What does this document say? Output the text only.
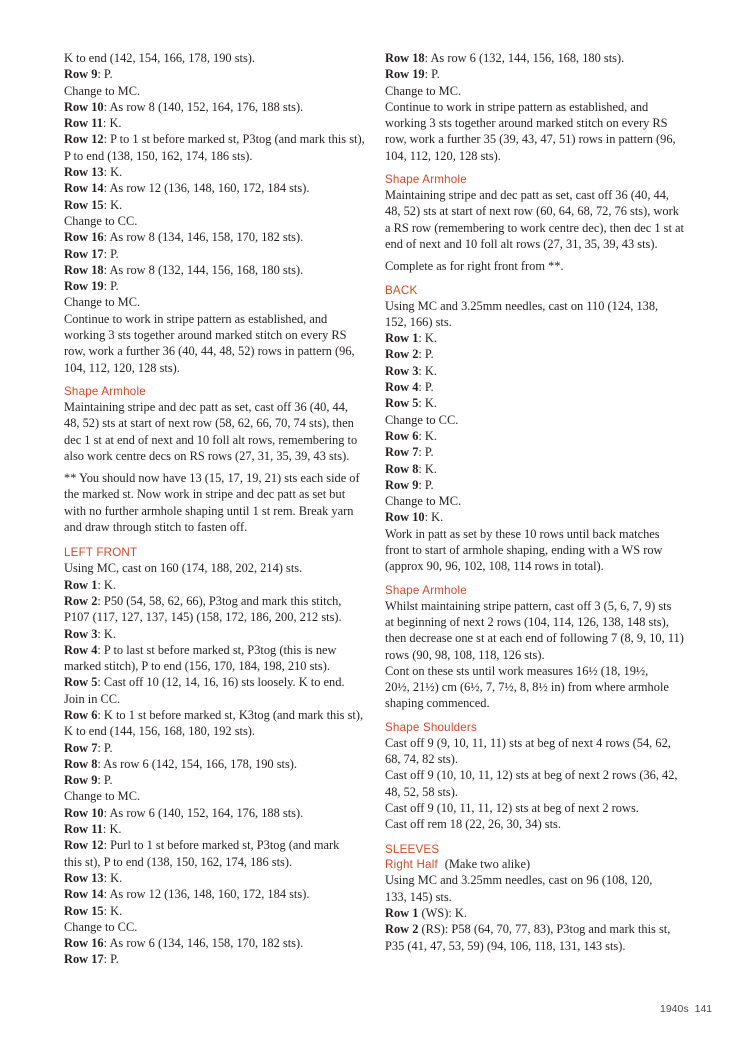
K to end (142, 154, 166, 178, 190 sts).
Row 9: P.
Change to MC.
Row 10: As row 8 (140, 152, 164, 176, 188 sts).
Row 11: K.
Row 12: P to 1 st before marked st, P3tog (and mark this st),
P to end (138, 150, 162, 174, 186 sts).
Row 13: K.
Row 14: As row 12 (136, 148, 160, 172, 184 sts).
Row 15: K.
Change to CC.
Row 16: As row 8 (134, 146, 158, 170, 182 sts).
Row 17: P.
Row 18: As row 8 (132, 144, 156, 168, 180 sts).
Row 19: P.
Change to MC.
Continue to work in stripe pattern as established, and
working 3 sts together around marked stitch on every RS
row, work a further 36 (40, 44, 48, 52) rows in pattern (96,
104, 112, 120, 128 sts).
Shape Armhole
Maintaining stripe and dec patt as set, cast off 36 (40, 44,
48, 52) sts at start of next row (58, 62, 66, 70, 74 sts), then
dec 1 st at end of next and 10 foll alt rows, remembering to
also work centre decs on RS rows (27, 31, 35, 39, 43 sts).
** You should now have 13 (15, 17, 19, 21) sts each side of
the marked st. Now work in stripe and dec patt as set but
with no further armhole shaping until 1 st rem. Break yarn
and draw through stitch to fasten off.
LEFT FRONT
Using MC, cast on 160 (174, 188, 202, 214) sts.
Row 1: K.
Row 2: P50 (54, 58, 62, 66), P3tog and mark this stitch,
P107 (117, 127, 137, 145) (158, 172, 186, 200, 212 sts).
Row 3: K.
Row 4: P to last st before marked st, P3tog (this is new
marked stitch), P to end (156, 170, 184, 198, 210 sts).
Row 5: Cast off 10 (12, 14, 16, 16) sts loosely. K to end.
Join in CC.
Row 6: K to 1 st before marked st, K3tog (and mark this st),
K to end (144, 156, 168, 180, 192 sts).
Row 7: P.
Row 8: As row 6 (142, 154, 166, 178, 190 sts).
Row 9: P.
Change to MC.
Row 10: As row 6 (140, 152, 164, 176, 188 sts).
Row 11: K.
Row 12: Purl to 1 st before marked st, P3tog (and mark
this st), P to end (138, 150, 162, 174, 186 sts).
Row 13: K.
Row 14: As row 12 (136, 148, 160, 172, 184 sts).
Row 15: K.
Change to CC.
Row 16: As row 6 (134, 146, 158, 170, 182 sts).
Row 17: P.
Row 18: As row 6 (132, 144, 156, 168, 180 sts).
Row 19: P.
Change to MC.
Continue to work in stripe pattern as established, and
working 3 sts together around marked stitch on every RS
row, work a further 35 (39, 43, 47, 51) rows in pattern (96,
104, 112, 120, 128 sts).
Shape Armhole
Maintaining stripe and dec patt as set, cast off 36 (40, 44,
48, 52) sts at start of next row (60, 64, 68, 72, 76 sts), work
a RS row (remembering to work centre dec), then dec 1 st at
end of next and 10 foll alt rows (27, 31, 35, 39, 43 sts).
Complete as for right front from **.
BACK
Using MC and 3.25mm needles, cast on 110 (124, 138,
152, 166) sts.
Row 1: K.
Row 2: P.
Row 3: K.
Row 4: P.
Row 5: K.
Change to CC.
Row 6: K.
Row 7: P.
Row 8: K.
Row 9: P.
Change to MC.
Row 10: K.
Work in patt as set by these 10 rows until back matches
front to start of armhole shaping, ending with a WS row
(approx 90, 96, 102, 108, 114 rows in total).
Shape Armhole
Whilst maintaining stripe pattern, cast off 3 (5, 6, 7, 9) sts
at beginning of next 2 rows (104, 114, 126, 138, 148 sts),
then decrease one st at each end of following 7 (8, 9, 10, 11)
rows (90, 98, 108, 118, 126 sts).
Cont on these sts until work measures 16½ (18, 19½,
20½, 21½) cm (6½, 7, 7½, 8, 8½ in) from where armhole
shaping commenced.
Shape Shoulders
Cast off 9 (9, 10, 11, 11) sts at beg of next 4 rows (54, 62,
68, 74, 82 sts).
Cast off 9 (10, 10, 11, 12) sts at beg of next 2 rows (36, 42,
48, 52, 58 sts).
Cast off 9 (10, 11, 11, 12) sts at beg of next 2 rows.
Cast off rem 18 (22, 26, 30, 34) sts.
SLEEVES
Right Half (Make two alike)
Using MC and 3.25mm needles, cast on 96 (108, 120,
133, 145) sts.
Row 1 (WS): K.
Row 2 (RS): P58 (64, 70, 77, 83), P3tog and mark this st,
P35 (41, 47, 53, 59) (94, 106, 118, 131, 143 sts).
1940s 141
